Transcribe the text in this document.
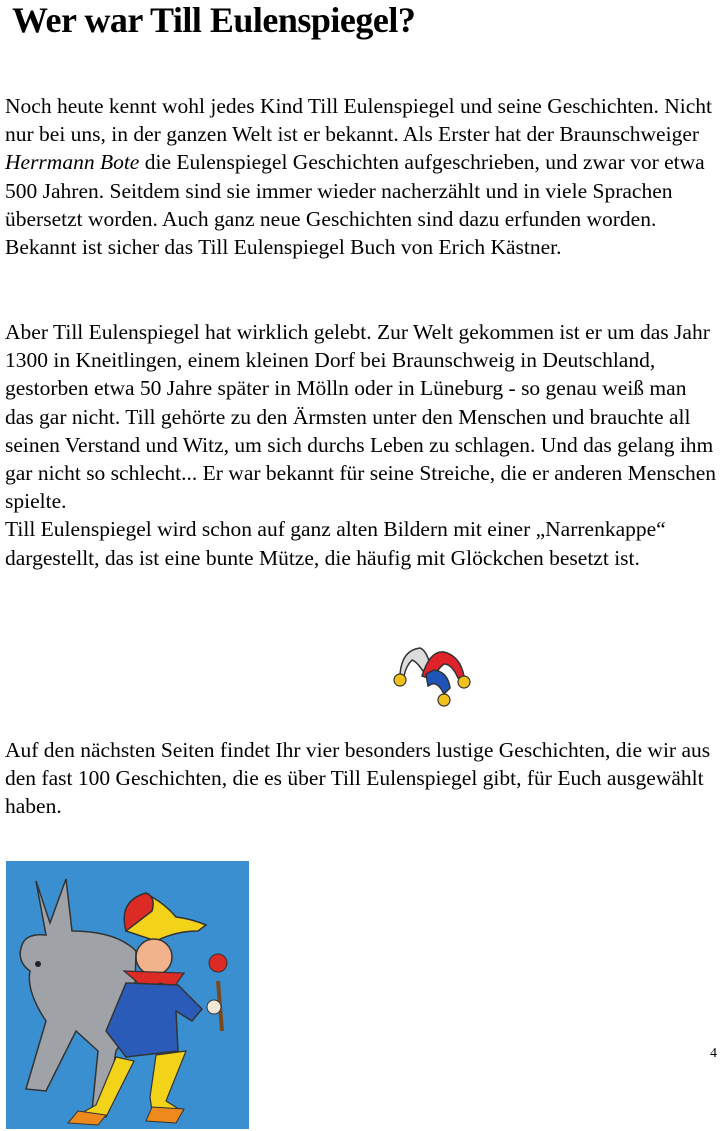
Wer war Till Eulenspiegel?

Noch heute kennt wohl jedes Kind Till Eulenspiegel und seine Geschichten. Nicht nur bei uns, in der ganzen Welt ist er bekannt. Als Erster hat der Braunschweiger Herrmann Bote die Eulenspiegel Geschichten aufgeschrieben, und zwar vor etwa 500 Jahren. Seitdem sind sie immer wieder nacherzählt und in viele Sprachen übersetzt worden. Auch ganz neue Geschichten sind dazu erfunden worden. Bekannt ist sicher das Till Eulenspiegel Buch von Erich Kästner.

Aber Till Eulenspiegel hat wirklich gelebt. Zur Welt gekommen ist er um das Jahr 1300 in Kneitlingen, einem kleinen Dorf bei Braunschweig in Deutschland, gestorben etwa 50 Jahre später in Mölln oder in Lüneburg - so genau weiß man das gar nicht. Till gehörte zu den Ärmsten unter den Menschen und brauchte all seinen Verstand und Witz, um sich durchs Leben zu schlagen. Und das gelang ihm gar nicht so schlecht... Er war bekannt für seine Streiche, die er anderen Menschen spielte.

Till Eulenspiegel wird schon auf ganz alten Bildern mit einer „Narrenkappe“ dargestellt, das ist eine bunte Mütze, die häufig mit Glöckchen besetzt ist.

Auf den nächsten Seiten findet Ihr vier besonders lustige Geschichten, die wir aus den fast 100 Geschichten, die es über Till Eulenspiegel gibt, für Euch ausgewählt haben.

4
